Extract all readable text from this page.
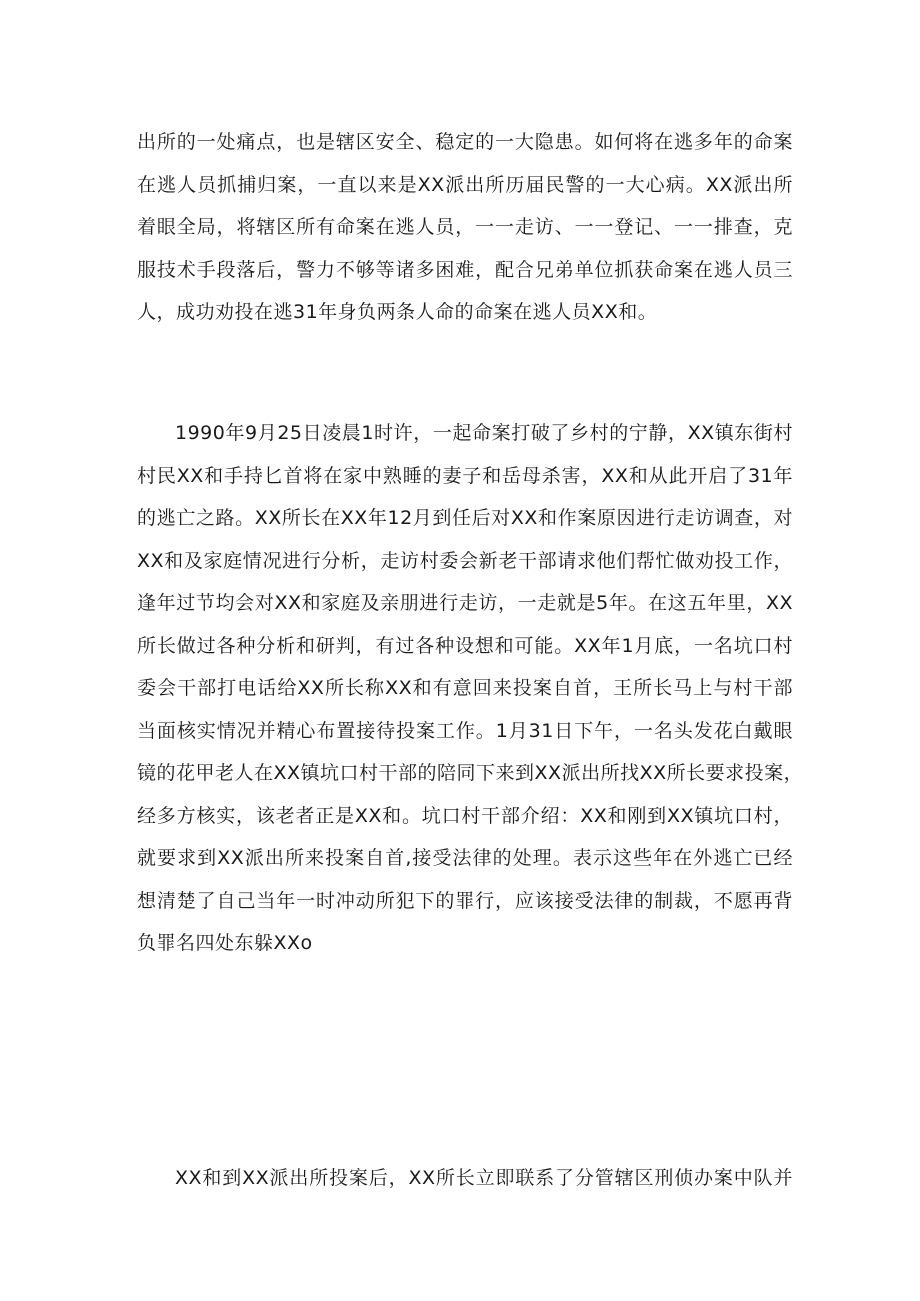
出所的一处痛点，也是辖区安全、稳定的一大隐患。如何将在逃多年的命案
在逃人员抓捕归案，一直以来是XX派出所历届民警的一大心病。XX派出所
着眼全局，将辖区所有命案在逃人员，一一走访、一一登记、一一排查，克
服技术手段落后，警力不够等诸多困难，配合兄弟单位抓获命案在逃人员三
人，成功劝投在逃31年身负两条人命的命案在逃人员XX和。
1990年9月25日凌晨1时许，一起命案打破了乡村的宁静，XX镇东街村
村民XX和手持匕首将在家中熟睡的妻子和岳母杀害，XX和从此开启了31年
的逃亡之路。XX所长在XX年12月到任后对XX和作案原因进行走访调查，对
XX和及家庭情况进行分析，走访村委会新老干部请求他们帮忙做劝投工作，
逢年过节均会对XX和家庭及亲朋进行走访，一走就是5年。在这五年里，XX
所长做过各种分析和研判，有过各种设想和可能。XX年1月底，一名坑口村
委会干部打电话给XX所长称XX和有意回来投案自首，王所长马上与村干部
当面核实情况并精心布置接待投案工作。1月31日下午，一名头发花白戴眼
镜的花甲老人在XX镇坑口村干部的陪同下来到XX派出所找XX所长要求投案，
经多方核实，该老者正是XX和。坑口村干部介绍：XX和刚到XX镇坑口村，
就要求到XX派出所来投案自首,接受法律的处理。表示这些年在外逃亡已经
想清楚了自己当年一时冲动所犯下的罪行，应该接受法律的制裁，不愿再背
负罪名四处东躲XXo
XX和到XX派出所投案后，XX所长立即联系了分管辖区刑侦办案中队并
